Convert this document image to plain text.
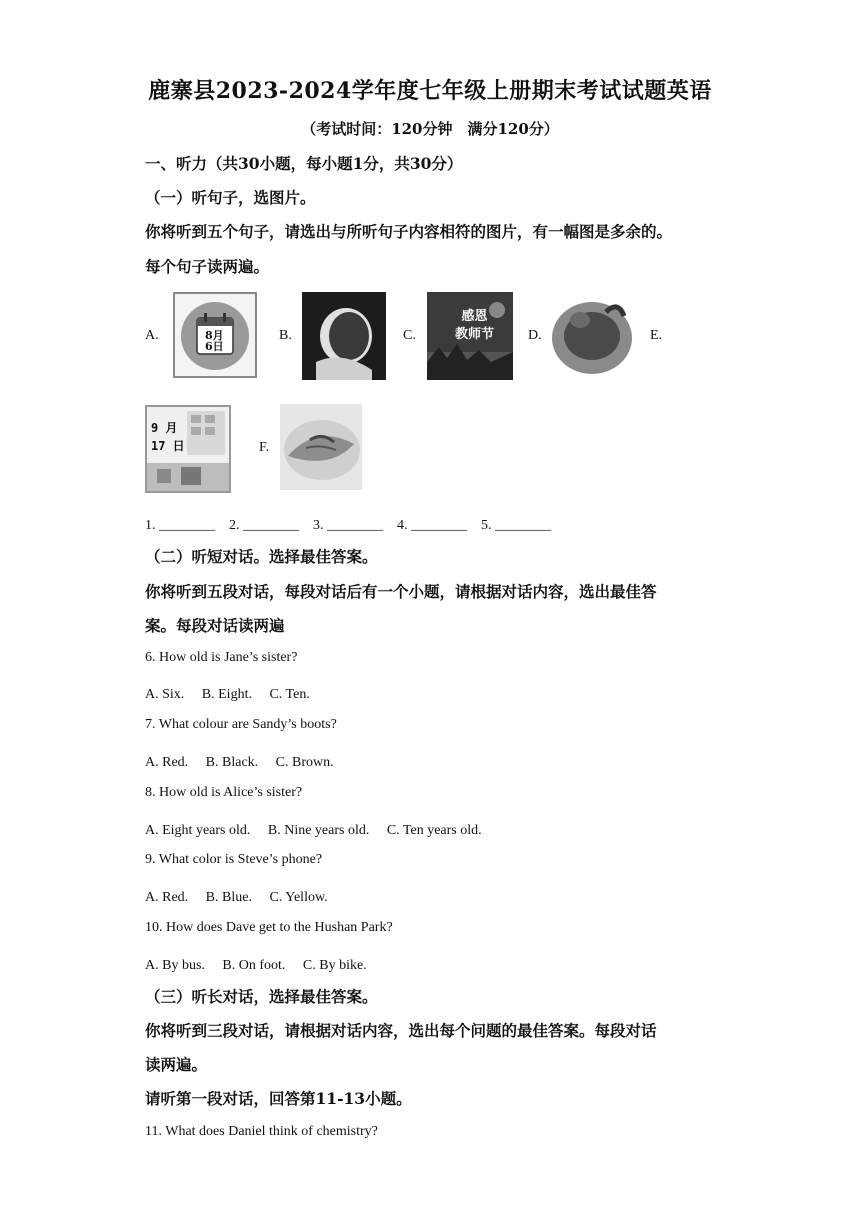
鹿寨县2023-2024学年度七年级上册期末考试试题英语
（考试时间：120分钟　满分120分）
一、听力（共30小题，每小题1分，共30分）
（一）听句子，选图片。
你将听到五个句子，请选出与所听句子内容相符的图片，有一幅图是多余的。
每个句子读两遍。
A.	8月
6日
B.	C.
感恩
教师节 D.	E.
9 月
17 日	F.
1. ________　2. ________　3. ________　4. ________　5. ________
（二）听短对话。选择最佳答案。
你将听到五段对话，每段对话后有一个小题，请根据对话内容，选出最佳答
案。每段对话读两遍
6. How old is Jane’s sister?
A. Six.　 B. Eight.　 C. Ten.
7. What colour are Sandy’s boots?
A. Red.　 B. Black.　 C. Brown.
8. How old is Alice’s sister?
A. Eight years old.　 B. Nine years old.　 C. Ten years old.
9. What color is Steve’s phone?
A. Red.　 B. Blue.　 C. Yellow.
10. How does Dave get to the Hushan Park?
A. By bus.　 B. On foot.　 C. By bike.
（三）听长对话，选择最佳答案。
你将听到三段对话，请根据对话内容，选出每个问题的最佳答案。每段对话
读两遍。
请听第一段对话，回答第11-13小题。
11. What does Daniel think of chemistry?
